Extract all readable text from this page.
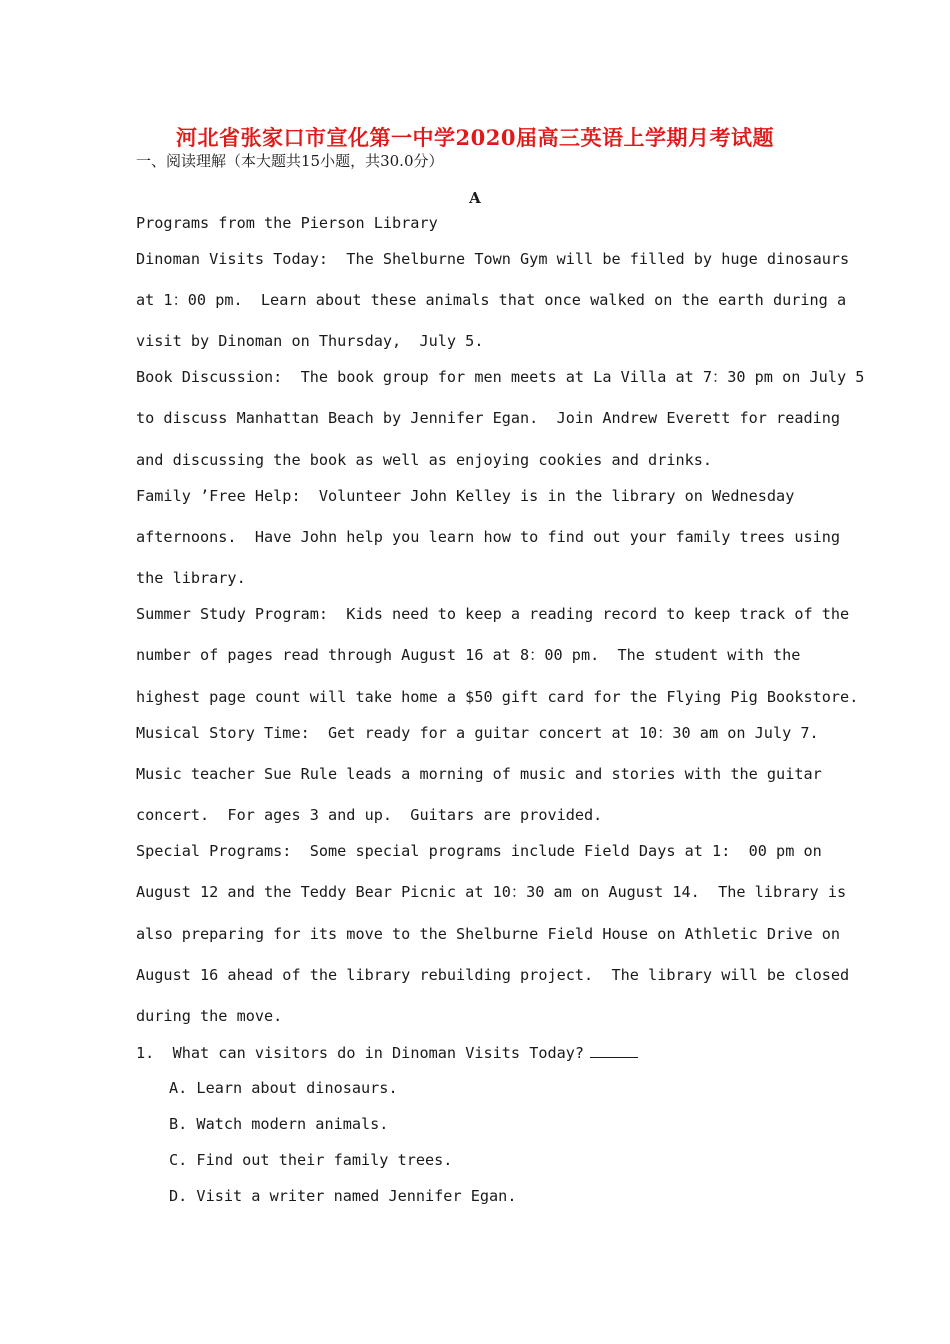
河北省张家口市宣化第一中学2020届高三英语上学期月考试题
一、阅读理解（本大题共15小题，共30.0分）
A
Programs from the Pierson Library
Dinoman Visits Today:  The Shelburne Town Gym will be filled by huge dinosaurs
at 1：00 pm.  Learn about these animals that once walked on the earth during a
visit by Dinoman on Thursday,  July 5.
Book Discussion:  The book group for men meets at La Villa at 7：30 pm on July 5
to discuss Manhattan Beach by Jennifer Egan.  Join Andrew Everett for reading
and discussing the book as well as enjoying cookies and drinks.
Family ’Free Help:  Volunteer John Kelley is in the library on Wednesday
afternoons.  Have John help you learn how to find out your family trees using
the library.
Summer Study Program:  Kids need to keep a reading record to keep track of the
number of pages read through August 16 at 8：00 pm.  The student with the
highest page count will take home a $50 gift card for the Flying Pig Bookstore.
Musical Story Time:  Get ready for a guitar concert at 10：30 am on July 7.
Music teacher Sue Rule leads a morning of music and stories with the guitar
concert.  For ages 3 and up.  Guitars are provided.
Special Programs:  Some special programs include Field Days at 1:  00 pm on
August 12 and the Teddy Bear Picnic at 10：30 am on August 14.  The library is
also preparing for its move to the Shelburne Field House on Athletic Drive on
August 16 ahead of the library rebuilding project.  The library will be closed
during the move.
1. What can visitors do in Dinoman Visits Today?
A. Learn about dinosaurs.
B. Watch modern animals.
C. Find out their family trees.
D. Visit a writer named Jennifer Egan.
